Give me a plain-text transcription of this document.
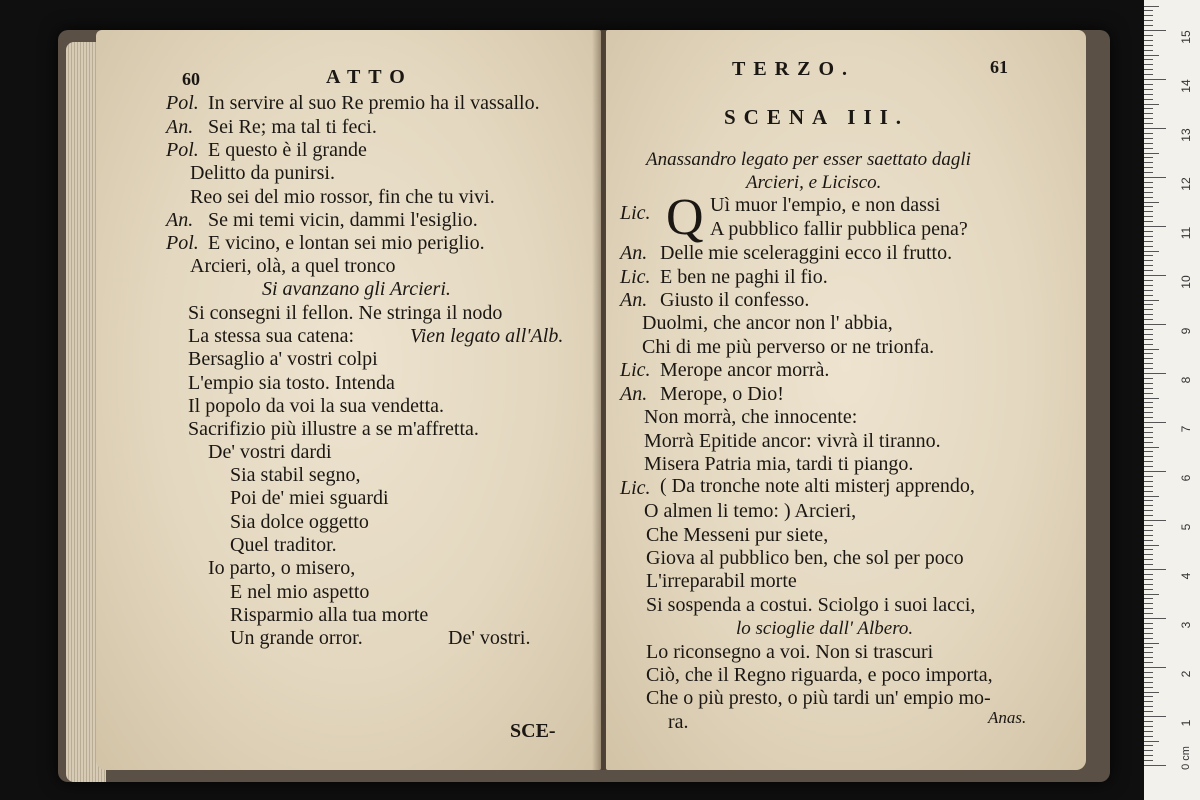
60	ATTO
Pol. In servire al suo Re premio ha il vassallo.
An. Sei Re; ma tal ti feci.
Pol. E questo è il grande
Delitto da punirsi.
Reo sei del mio rossor, fin che tu vivi.
An. Se mi temi vicin, dammi l'esiglio.
Pol. E vicino, e lontan sei mio periglio.
Arcieri, olà, a quel tronco
Si avanzano gli Arcieri.
Si consegni il fellon. Ne stringa il nodo
La stessa sua catena:	Vien legato all'Alb.
Bersaglio a' vostri colpi
L'empio sia tosto. Intenda
Il popolo da voi la sua vendetta.
Sacrifizio più illustre a se m'affretta.
De' vostri dardi
Sia stabil segno,
Poi de' miei sguardi
Sia dolce oggetto
Quel traditor.
Io parto, o misero,
E nel mio aspetto
Risparmio alla tua morte
Un grande orror.	De' vostri.
SCE-
TERZO.	61
SCENA III.
Anassandro legato per esser saettato dagli
Arcieri, e Licisco.
Lic. Q Uì muor l'empio, e non dassi
A pubblico fallir pubblica pena?
An. Delle mie sceleraggini ecco il frutto.
Lic. E ben ne paghi il fio.
An. Giusto il confesso.
Duolmi, che ancor non l' abbia,
Chi di me più perverso or ne trionfa.
Lic. Merope ancor morrà.
An. Merope, o Dio!
Non morrà, che innocente:
Morrà Epitide ancor: vivrà il tiranno.
Misera Patria mia, tardi ti piango.
Lic. ( Da tronche note alti misterj apprendo,
O almen li temo: ) Arcieri,
Che Messeni pur siete,
Giova al pubblico ben, che sol per poco
L'irreparabil morte
Si sospenda a costui. Sciolgo i suoi lacci,
lo scioglie dall' Albero.
Lo riconsegno a voi. Non si trascuri
Ciò, che il Regno riguarda, e poco importa,
Che o più presto, o più tardi un' empio mo-
ra.	Anas.
0 cm
1
2
3
4
5
6
7
8
9
10
11
12
13
14
15
